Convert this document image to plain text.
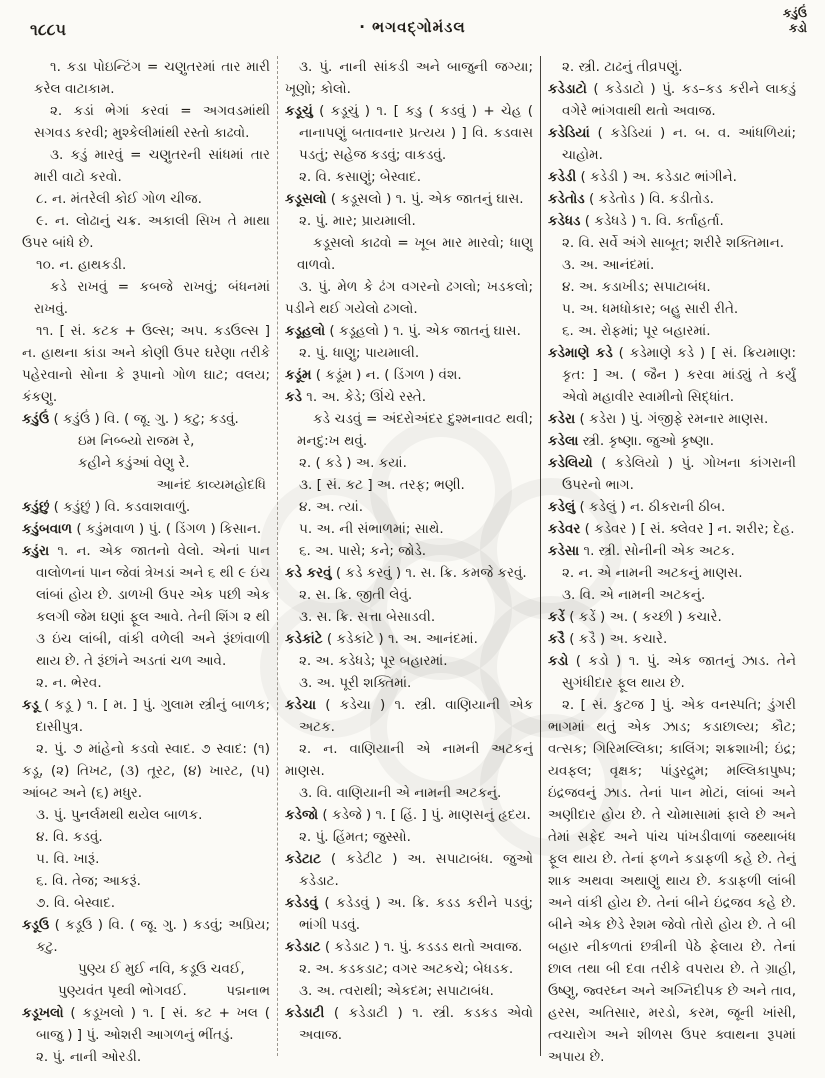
૧૮૮૫	· ભગવદ્ગોમંડલ
કડુંઉં
કડો
૧. કડા પોઇન્ટિંગ = ચણુતરમાં તાર મારી કરેલ વાટાકામ.
૨. કડાં ભેગાં કરવાં = અગવડમાંથી સગવડ કરવી; મુશ્કેલીમાંથી રસ્તો કાઢવો.
૩. કડું મારવું = ચણુતરની સાંધમાં તાર મારી વાટો કરવો.
૮. ન. મંતરેલી કોઈ ગોળ ચીજ.
૯. ન. લોઢાનું ચક્ર. અકાલી સિખ તે માથા ઉપર બાંધે છે.
૧૦. ન. હાથકડી.
કડે રાખવું = કબજે રાખવું; બંધનમાં રાખવું.
૧૧. [ સં. કટક + ઉલ્સ; અપ. કડઉલ્સ ] ન. હાથના કાંડા અને કોણી ઉપર ઘરેણા તરીકે પહેરવાનો સોના કે રૂપાનો ગોળ ઘાટ; વલય; કંકણુ.
કડુંઉં ( કડુંઉં ) વિ. ( જૂ. ગુ. ) કટુ; કડવું.
ઇમ નિબ્બ્યો રાજમ રે,
કહીને કડુંઆં વેણુ રે.
આનંદ કાવ્યમહોદધિ
કડુંછું ( કડુંછું ) વિ. કડવાશવાળું.
કડુંબવાળ ( કડુંમવાળ ) પું. ( ડિંગળ ) કિસાન.
કડુંરા ૧. ન. એક જાતનો વેલો. એનાં પાન વાલોળનાં પાન જેવાં ત્રેખડાં અને ૬ થી ૯ ઇંચ લાંબાં હોય છે. ડાળખી ઉપર એક પછી એક કલગી જેમ ઘણાં ફૂલ આવે. તેની શિંગ ૨ થી ૩ ઇંચ લાંબી, વાંકી વળેલી અને રૂંછાંવાળી થાય છે. તે રૂંછાંને અડતાં ચળ આવે.
૨. ન. ભેરવ.
કડૂ ( કડૂ ) ૧. [ મ. ] પું. ગુલામ સ્ત્રીનું બાળક; દાસીપુત્ર.
૨. પું. ૭ માંહેનો કડવો સ્વાદ. ૭ સ્વાદ: (૧) કડૂ, (૨) તિખટ, (૩) તૂરટ, (૪) ખારટ, (૫) આંબટ અને (૬) મધુર.
૩. પું. પુનર્લમથી થયેલ બાળક.
૪. વિ. કડવું.
૫. વિ. ખારૂં.
૬. વિ. તેજ; આકરૂં.
૭. વિ. બેસ્વાદ.
કડૂઉ ( કડૂઉ ) વિ. ( જૂ. ગુ. ) કડવું; અપ્રિય; કટુ.
પુણ્ય ઈ મુઈ નવિ, કડૂઉ ચવઈ,
પુણ્યવંત પૃથ્વી ભોગવઈ.	પદ્મનાભ
કડૂખલો ( કડૂખલો ) ૧. [ સં. કટ + ખલ ( બાજુ ) ] પું. ઓશરી આગળનું ભીંતડું.
૨. પું. નાની ઓરડી.
૩. પું. નાની સાંકડી અને બાજુની જગ્યા; ખૂણો; કોલો.
કડૂચું ( કડૂચું ) ૧. [ કડુ ( કડવું ) + ચેહ ( નાનાપણું બતાવનાર પ્રત્યય ) ] વિ. કડવાસ પડતું; સહેજ કડવું; વાકડવું.
૨. વિ. કસાણું; બેસ્વાદ.
કડૂસલો ( કડૂસલો ) ૧. પું. એક જાતનું ઘાસ.
૨. પું. માર; પ્રાયમાલી.
કડૂસલો કાઢવો = ખૂબ માર મારવો; ધાણુ વાળવો.
૩. પું. મેળ કે ઢંગ વગરનો ઢગલો; ખડકલો; પડીને થઈ ગયેલો ઢગલો.
કડૂહલો ( કડૂહલો ) ૧. પું. એક જાતનું ઘાસ.
૨. પું. ધાણુ; પાયમાલી.
કડૂંમ ( કડૂંમ ) ન. ( ડિંગળ ) વંશ.
કડે ૧. અ. કેડે; ઊંચે રસ્તે.
કડે ચડવું = અંદરોઅંદર દુશ્મનાવટ થવી; મનદુ:ખ થવું.
૨. ( કડે ) અ. કયાં.
૩. [ સં. કટ ] અ. તરફ; ભણી.
૪. અ. ત્યાં.
૫. અ. ની સંભાળમાં; સાથે.
૬. અ. પાસે; કને; જોડે.
કડે કરવું ( કડે કરવું ) ૧. સ. ક્રિ. કમજે કરવું.
૨. સ. ક્રિ. જીતી લેવું.
૩. સ. ક્રિ. સત્તા બેસાડવી.
કડેકાંટે ( કડેકાંટે ) ૧. અ. આનંદમાં.
૨. અ. કડેધડે; પૂર બહારમાં.
૩. અ. પૂરી શક્તિમાં.
કડેચા ( કડેચા ) ૧. સ્ત્રી. વાણિયાની એક અટક.
૨. ન. વાણિયાની એ નામની અટકનું માણસ.
૩. વિ. વાણિયાની એ નામની અટકનું.
કડેજો ( કડેજે ) ૧. [ હિં. ] પું. માણસનું હૃદય.
૨. પું. હિંમત; જુસ્સો.
કડેટાટ ( કડેટીટ ) અ. સપાટાબંધ. જુઓ કડેડાટ.
કડેડવું ( કડેડવું ) અ. ક્રિ. કડડ કરીને પડવું; ભાંગી પડવું.
કડેડાટ ( કડેડાટ ) ૧. પું. કડડડ થતો અવાજ.
૨. અ. કડકડાટ; વગર અટકચે; બેધડક.
૩. અ. ત્વરાથી; એકદમ; સપાટાબંધ.
કડેડાટી ( કડેડાટી ) ૧. સ્ત્રી. કડકડ એવો અવાજ.
૨. સ્ત્રી. ટાઢનું તીવ્રપણું.
કડેડાટો ( કડેડાટો ) પું. કડ–કડ કરીને લાકડું વગેરે ભાંગવાથી થતો અવાજ.
કડેડિયાં ( કડેડિયાં ) ન. બ. વ. આંધળિયાં; ચાહોમ.
કડેડી ( કડેડી ) અ. કડેડાટ ભાંગીને.
કડેતોડ ( કડેતોડ ) વિ. કડીતોડ.
કડેધડ ( કડેધડે ) ૧. વિ. કર્તાહર્તા.
૨. વિ. સર્વે અંગે સાબૂત; શરીરે શક્તિમાન.
૩. અ. આનંદમાં.
૪. અ. કડાખીડ; સપાટાબંધ.
૫. અ. ધમધોકાર; બહુ સારી રીતે.
૬. અ. રોફમાં; પૂર બહારમાં.
કડેમાણે કડે ( કડેમાણે કડે ) [ સં. ક્રિયમાણ: કૃત: ] અ. ( જૈન ) કરવા માંડ્યું તે કર્યું એવો મહાવીર સ્વામીનો સિદ્ધાંત.
કડેરા ( કડેરા ) પું. ગંજીફે રમનાર માણસ.
કડેલા સ્ત્રી. કૃષ્ણા. જુઓ કૃષ્ણા.
કડેલિયો ( કડેલિયો ) પું. ગોખના કાંગરાની ઉપરનો ભાગ.
કડેલું ( કડેલું ) ન. ઠીકરાની ઠીબ.
કડેવર ( કડેવર ) [ સં. ક્લેવર ] ન. શરીર; દેહ.
કડેસા ૧. સ્ત્રી. સોનીની એક અટક.
૨. ન. એ નામની અટકનું માણસ.
૩. વિ. એ નામની અટકનું.
કડેં ( કડેં ) અ. ( કચ્છી ) કચારે.
કડૈ ( કડૈ ) અ. કચારે.
કડો ( કડો ) ૧. પું. એક જાતનું ઝાડ. તેને સુગંધીદાર ફૂલ થાય છે.
૨. [ સં. કુટજ ] પું. એક વનસ્પતિ; ડુંગરી ભાગમાં થતું એક ઝાડ; કડાછાલ્ય; કૌટ; વત્સક; ગિરિમલ્લિકા; કાલિંગ; શક્રશાખી; ઇંદ્ર; યવફલ; વૃક્ષક; પાંડુરદ્રુમ; મલ્લિકાપુષ્પ; ઇંદ્રજવનું ઝાડ. તેનાં પાન મોટાં, લાંબાં અને અણીદાર હોય છે. તે ચોમાસામાં ફાલે છે અને તેમાં સફેદ અને પાંચ પાંખડીવાળાં જથ્થાબંધ ફૂલ થાય છે. તેનાં ફળને કડાફળી કહે છે. તેનું શાક અથવા અથાણું થાય છે. કડાફળી લાંબી અને વાંકી હોય છે. તેનાં બીને ઇંદ્રજવ કહે છે. બીને એક છેડે રેશમ જેવો તોરો હોય છે. તે બી બહાર નીકળતાં છત્રીની પેઠે ફેલાય છે. તેનાં છાલ તથા બી દવા તરીકે વપરાય છે. તે ગ્રાહી, ઉષ્ણુ, જ્વરઘ્ન અને અગ્નિદીપક છે અને તાવ, હરસ, અતિસાર, મરડો, કરમ, જૂની ખાંસી, ત્વચારોગ અને શીળસ ઉપર ક્વાથના રૂપમાં અપાય છે.
